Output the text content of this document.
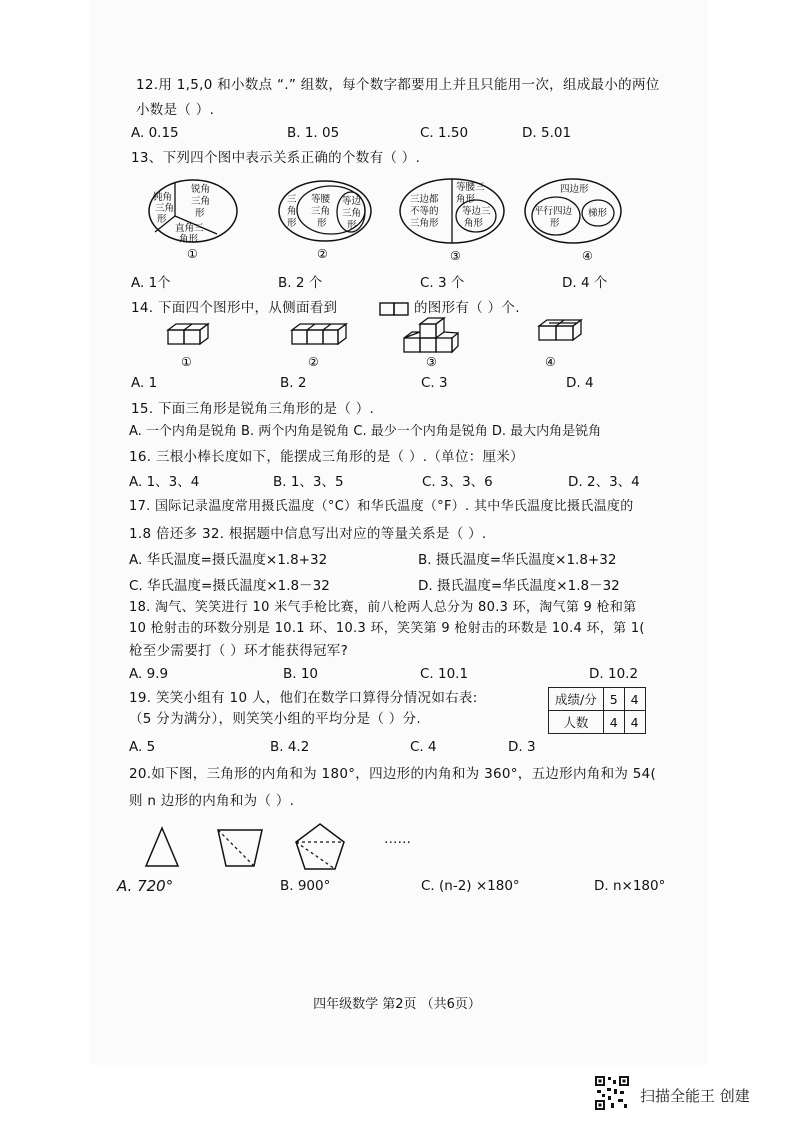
12.用 1,5,0 和小数点 “.” 组数，每个数字都要用上并且只能用一次，组成最小的两位
小数是（ ）.
A. 0.15	B. 1. 05	C. 1.50	D. 5.01
13、下列四个图中表示关系正确的个数有（ ）.
钝角
三角
形
锐角
三角
形
直角三
角形
①
三
角
形
等腰
三角
形
等边
三角
形
②
三边都
不等的
三角形
等腰三
角形
等边三
角形
③
四边形
平行四边
形
梯形
④
A. 1个	B. 2 个	C. 3 个	D. 4 个
14. 下面四个图形中，从侧面看到	的图形有（ ）个.
①	②	③	④
A. 1	B. 2	C. 3	D. 4
15. 下面三角形是锐角三角形的是（ ）.
A. 一个内角是锐角 B. 两个内角是锐角 C. 最少一个内角是锐角 D. 最大内角是锐角
16. 三根小棒长度如下，能摆成三角形的是（ ）.（单位：厘米）
A. 1、3、4	B. 1、3、5	C. 3、3、6	D. 2、3、4
17. 国际记录温度常用摄氏温度（°C）和华氏温度（°F）. 其中华氏温度比摄氏温度的
1.8 倍还多 32. 根据题中信息写出对应的等量关系是（ ）.
A. 华氏温度=摄氏温度×1.8+32	B. 摄氏温度=华氏温度×1.8+32
C. 华氏温度=摄氏温度×1.8－32	D. 摄氏温度=华氏温度×1.8－32
18. 淘气、笑笑进行 10 米气手枪比赛，前八枪两人总分为 80.3 环，淘气第 9 枪和第
10 枪射击的环数分别是 10.1 环、10.3 环，笑笑第 9 枪射击的环数是 10.4 环，第 1(
枪至少需要打（ ）环才能获得冠军?
A. 9.9	B. 10	C. 10.1	D. 10.2
19. 笑笑小组有 10 人，他们在数学口算得分情况如右表:
（5 分为满分），则笑笑小组的平均分是（ ）分.
成绩/分	5	4
人数	4	4
A. 5	B. 4.2	C. 4	D. 3
20.如下图，三角形的内角和为 180°，四边形的内角和为 360°，五边形内角和为 54(
则 n 边形的内角和为（ ）.
……
A. 720°	B. 900°	C. (n-2) ×180°	D. n×180°
四年级数学 第2页 （共6页）
扫描全能王 创建
